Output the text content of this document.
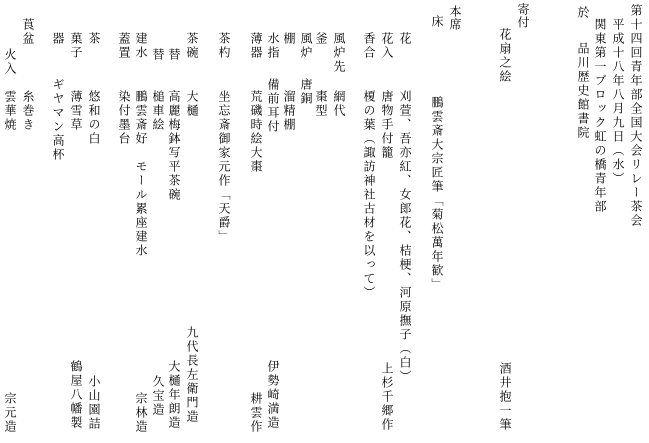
第十四回青年部全国大会リレー茶会
平成十八年八月九日（水）
関東第一ブロック虹の橋青年部
於
品川歴史館書院
寄付
花扇之絵
酒井抱一筆
本席
床
鵬雲斎大宗匠筆「菊松萬年歓」
花
刈萱、吾亦紅、女郎花、桔梗、河原撫子（白）
花入
唐物手付籠
上杉千郷作
香合
榎の葉（諏訪神社古材を以って）
風炉先
網代
釜
棗型
風炉
唐銅
棚
溜精棚
水指
備前耳付
伊勢崎満造
薄器
荒磯時絵大棗
耕雲作
茶杓
坐忘斎御家元作「天爵」
茶碗
大樋
九代長左衛門造
高麗梅鉢写平茶碗
大樋年朗造
替
槌車絵
久宝造
替
鵬雲斎好　モール累座建水
宗林造
建水
染付墨台
蓋置
茶
悠和の白
小山園詰
菓子
薄雪草
鶴屋八幡製
器
ギヤマン高杯
莨盆
糸巻き
火入
雲華焼
宗元造
